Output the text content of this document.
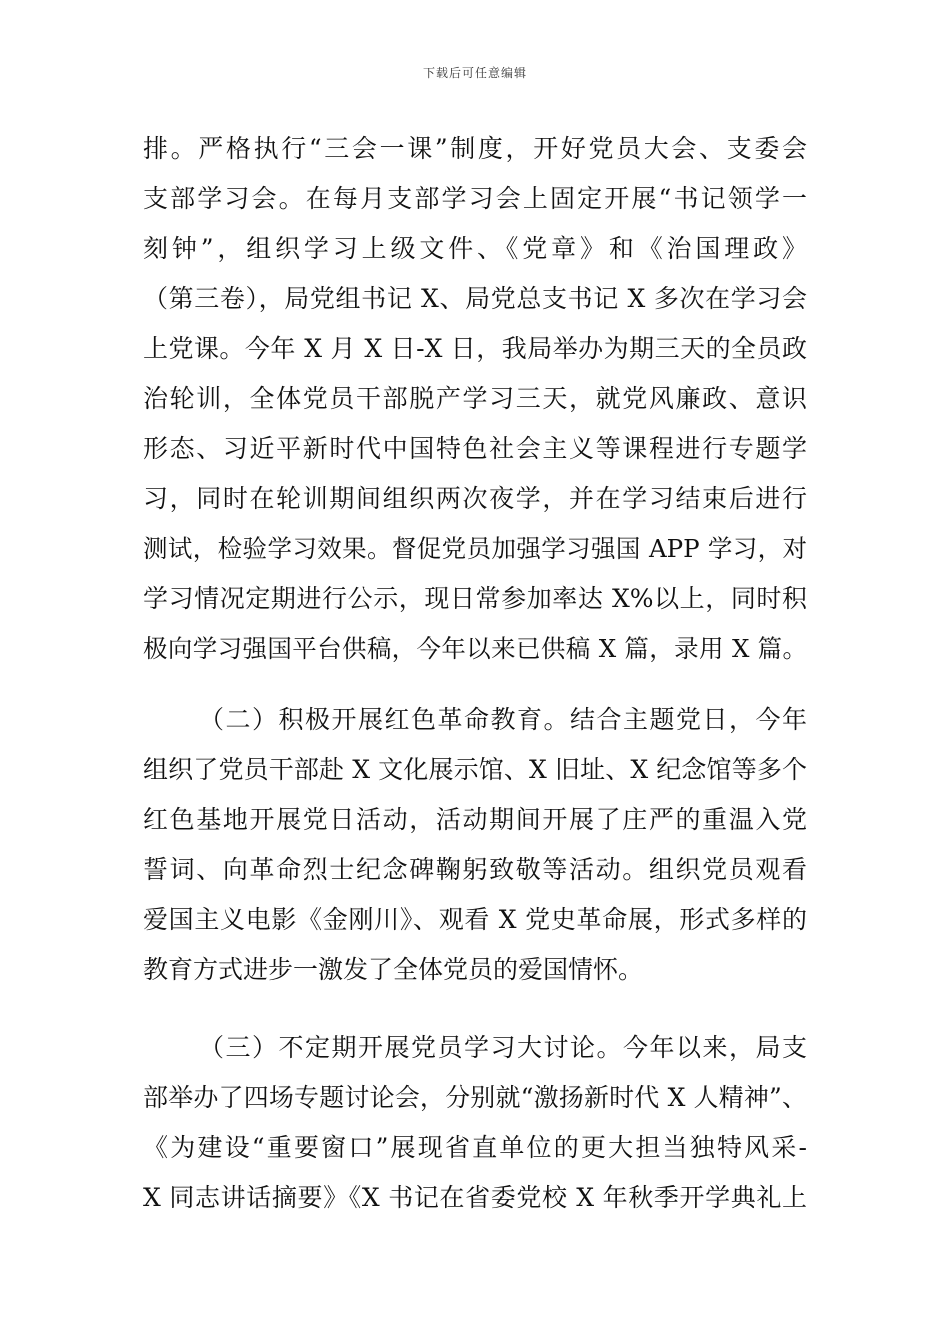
下载后可任意编辑
排。严格执行“三会一课”制度，开好党员大会、支委会
支部学习会。在每月支部学习会上固定开展“书记领学一
刻钟”，组织学习上级文件、《党章》和《治国理政》
（第三卷），局党组书记 X、局党总支书记 X 多次在学习会
上党课。今年 X 月 X 日-X 日，我局举办为期三天的全员政
治轮训，全体党员干部脱产学习三天，就党风廉政、意识
形态、习近平新时代中国特色社会主义等课程进行专题学
习，同时在轮训期间组织两次夜学，并在学习结束后进行
测试，检验学习效果。督促党员加强学习强国 APP 学习，对
学习情况定期进行公示，现日常参加率达 X%以上，同时积
极向学习强国平台供稿，今年以来已供稿 X 篇，录用 X 篇。
（二）积极开展红色革命教育。结合主题党日，今年
组织了党员干部赴 X 文化展示馆、X 旧址、X 纪念馆等多个
红色基地开展党日活动，活动期间开展了庄严的重温入党
誓词、向革命烈士纪念碑鞠躬致敬等活动。组织党员观看
爱国主义电影《金刚川》、观看 X 党史革命展，形式多样的
教育方式进步一激发了全体党员的爱国情怀。
（三）不定期开展党员学习大讨论。今年以来，局支
部举办了四场专题讨论会，分别就“激扬新时代 X 人精神”、
《为建设“重要窗口”展现省直单位的更大担当独特风采-
X 同志讲话摘要》《X 书记在省委党校 X 年秋季开学典礼上
